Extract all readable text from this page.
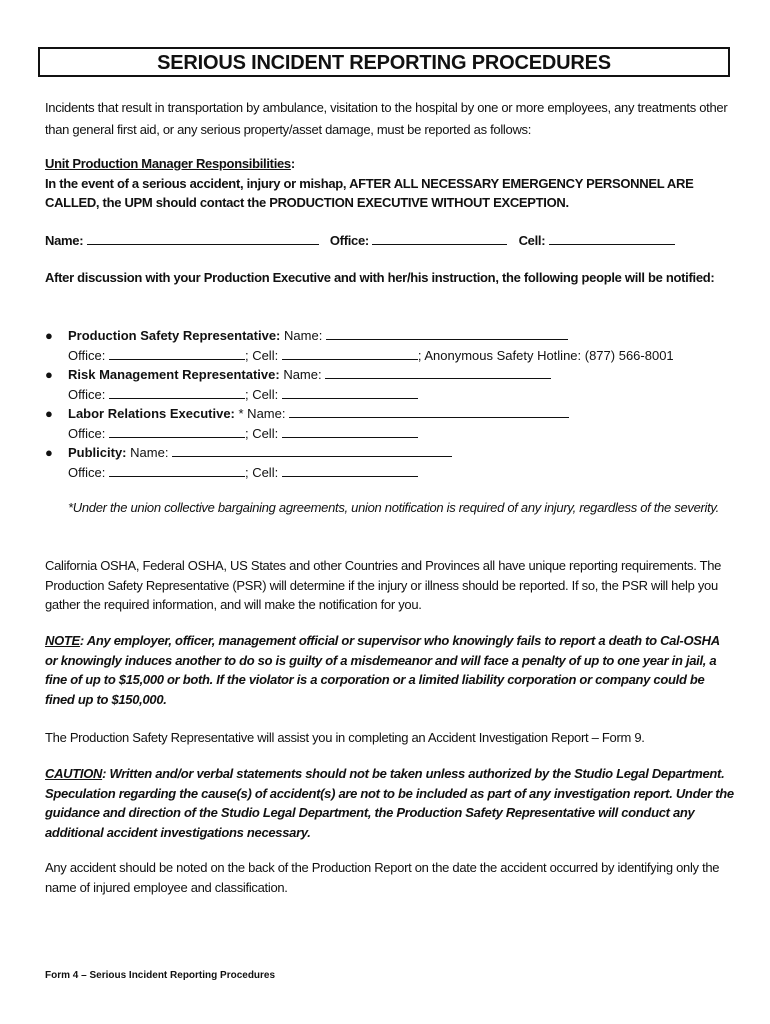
SERIOUS INCIDENT REPORTING PROCEDURES
Incidents that result in transportation by ambulance, visitation to the hospital by one or more employees, any treatments other than general first aid, or any serious property/asset damage, must be reported as follows:
Unit Production Manager Responsibilities:
In the event of a serious accident, injury or mishap, AFTER ALL NECESSARY EMERGENCY PERSONNEL ARE CALLED, the UPM should contact the PRODUCTION EXECUTIVE WITHOUT EXCEPTION.
Name:	Office:	Cell:
After discussion with your Production Executive and with her/his instruction, the following people will be notified:
● Production Safety Representative: Name:
Office:	; Cell:	; Anonymous Safety Hotline: (877) 566-8001
● Risk Management Representative: Name:
Office:	; Cell:
● Labor Relations Executive: * Name:
Office:	; Cell:
● Publicity: Name:
Office:	; Cell:
*Under the union collective bargaining agreements, union notification is required of any injury, regardless of the severity.
California OSHA, Federal OSHA, US States and other Countries and Provinces all have unique reporting requirements. The Production Safety Representative (PSR) will determine if the injury or illness should be reported. If so, the PSR will help you gather the required information, and will make the notification for you.
NOTE: Any employer, officer, management official or supervisor who knowingly fails to report a death to Cal-OSHA or knowingly induces another to do so is guilty of a misdemeanor and will face a penalty of up to one year in jail, a fine of up to $15,000 or both. If the violator is a corporation or a limited liability corporation or company could be fined up to $150,000.
The Production Safety Representative will assist you in completing an Accident Investigation Report – Form 9.
CAUTION: Written and/or verbal statements should not be taken unless authorized by the Studio Legal Department. Speculation regarding the cause(s) of accident(s) are not to be included as part of any investigation report. Under the guidance and direction of the Studio Legal Department, the Production Safety Representative will conduct any additional accident investigations necessary.
Any accident should be noted on the back of the Production Report on the date the accident occurred by identifying only the name of injured employee and classification.
Form 4 – Serious Incident Reporting Procedures
